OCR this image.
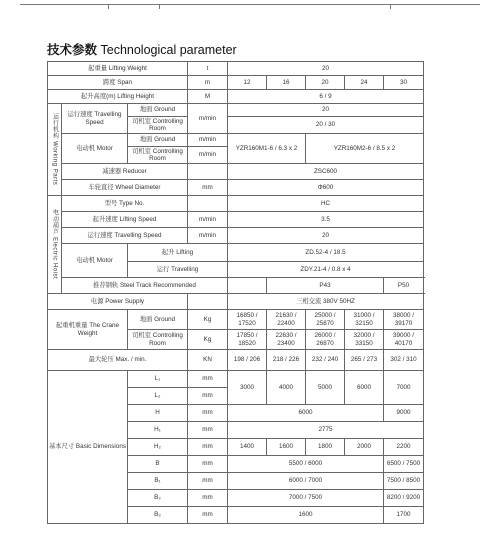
技术参数 Technological parameter
起重量 Lifting Weight			t	20				
跨度 Span			m	12	16	20	24	30
起升高度(m) Lifting Height			M	6 / 9				
运行机构 Working Parts	运行速度 Travelling Speed	地面 Ground	m/min	20				
		司机室 Controlling Room		20 / 30				
	电动机 Motor	地面 Ground	m/min	YZR160M1-6 / 6.3 x 2		YZR160M2-6 / 8.5 x 2		
		司机室 Controlling Room	m/min					
	减速器 Reducer			ZSC600				
	车轮直径 Wheel Diameter		mm	Φ600				
电动葫芦 Electric Hoist	型号 Type No.			HC				
	起升速度 Lifting Speed		m/min	3.5				
	运行速度 Travelling Speed		m/min	20				
	电动机 Motor	起升 Lifting		ZD.52-4 / 18.5				
		运行 Travelling		ZDY.21-4 / 0.8 x 4				
	推荐钢轨 Steel Track Recommended				P43			P50
电源 Power Supply				三相交流 380V 50HZ				
起重机重量 The Crane Weight		地面 Ground	Kg	16850 / 17520	21630 / 22400	25000 / 25870	31000 / 32150	38000 / 39170
		司机室 Controlling Room	Kg	17850 / 18520	22630 / 23400	26000 / 26870	32000 / 33150	39000 / 40170
最大轮压 Max. / min.			KN	198 / 206	218 / 226	232 / 240	265 / 273	302 / 310
基本尺寸 Basic Dimensions		L₁	mm	3000	4000	5000	6000	7000
		L₂	mm					
		H	mm	6000				9000
		H₁	mm	2775				
		H₂	mm	1400	1600	1800	2000	2200
		B	mm	5500 / 6000				6500 / 7500
		B₁	mm	6000 / 7000				7500 / 8500
		B₂	mm	7000 / 7500				8200 / 9200
		B₃	mm	1600				1700
